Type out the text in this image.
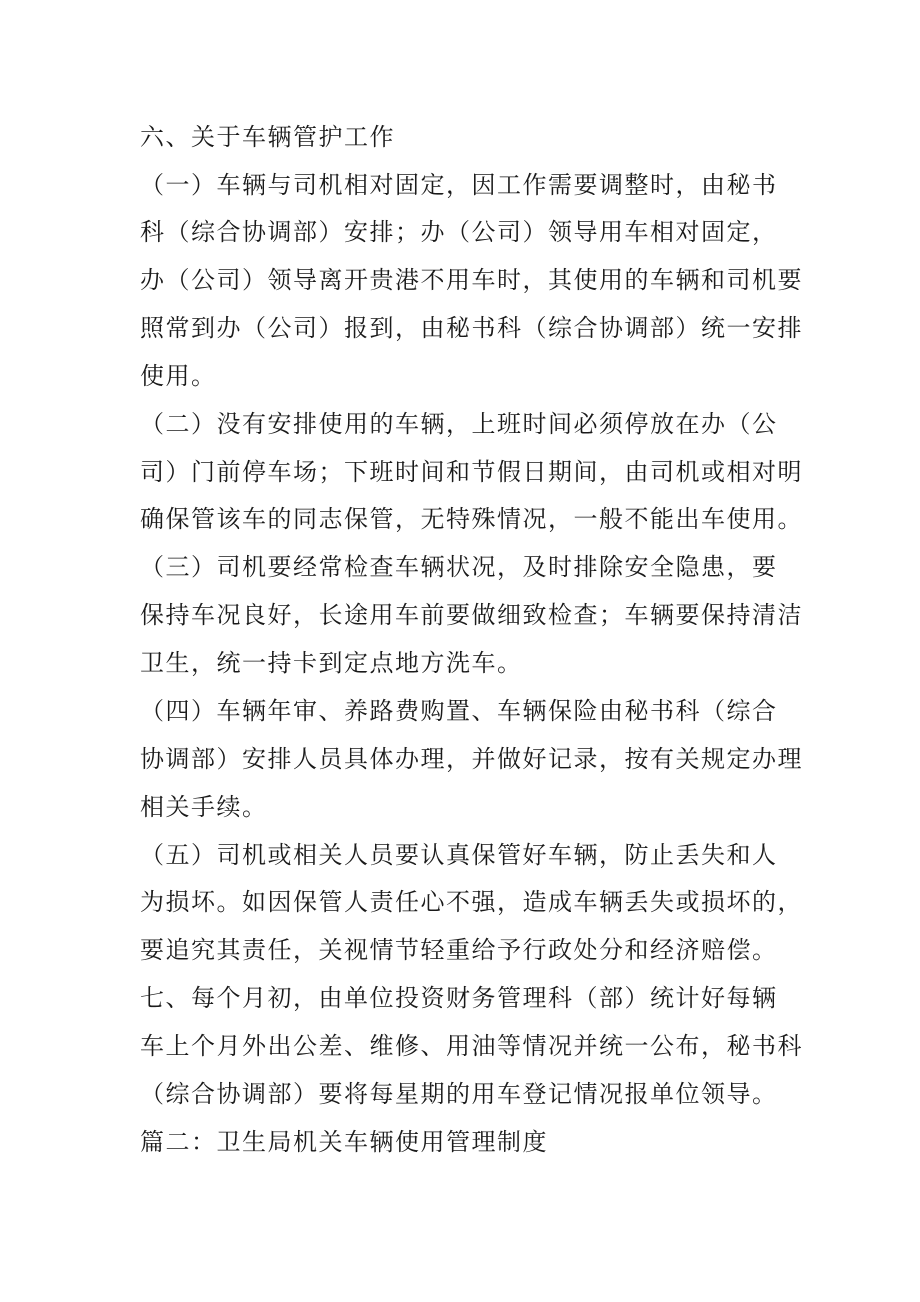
六、关于车辆管护工作
（一）车辆与司机相对固定，因工作需要调整时，由秘书
科（综合协调部）安排；办（公司）领导用车相对固定，
办（公司）领导离开贵港不用车时，其使用的车辆和司机要
照常到办（公司）报到，由秘书科（综合协调部）统一安排
使用。
（二）没有安排使用的车辆，上班时间必须停放在办（公
司）门前停车场；下班时间和节假日期间，由司机或相对明
确保管该车的同志保管，无特殊情况，一般不能出车使用。
（三）司机要经常检查车辆状况，及时排除安全隐患，要
保持车况良好，长途用车前要做细致检查；车辆要保持清洁
卫生，统一持卡到定点地方洗车。
（四）车辆年审、养路费购置、车辆保险由秘书科（综合
协调部）安排人员具体办理，并做好记录，按有关规定办理
相关手续。
（五）司机或相关人员要认真保管好车辆，防止丢失和人
为损坏。如因保管人责任心不强，造成车辆丢失或损坏的，
要追究其责任，关视情节轻重给予行政处分和经济赔偿。
七、每个月初，由单位投资财务管理科（部）统计好每辆
车上个月外出公差、维修、用油等情况并统一公布，秘书科
（综合协调部）要将每星期的用车登记情况报单位领导。
篇二：卫生局机关车辆使用管理制度
